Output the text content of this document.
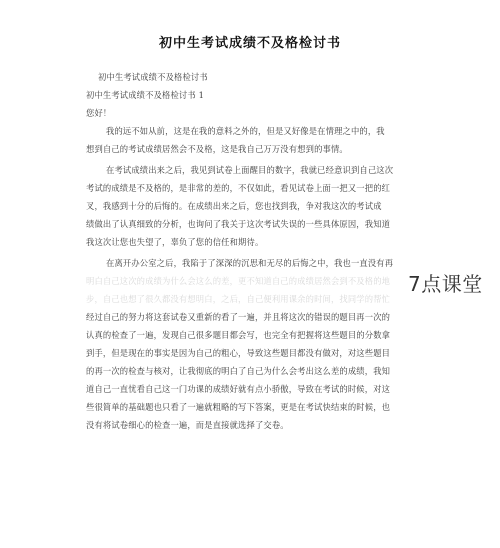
初中生考试成绩不及格检讨书
初中生考试成绩不及格检讨书
初中生考试成绩不及格检讨书 1
您好！
我的远不如从前，这是在我的意料之外的，但是又好像是在情理之中的，我
想到自己的考试成绩居然会不及格，这是我自己万万没有想到的事情。
在考试成绩出来之后，我见到试卷上面醒目的数字，我就已经意识到自己这次
考试的成绩是不及格的，是非常的差的，不仅如此，看见试卷上面一把又一把的红
叉，我感到十分的后悔的。在成绩出来之后，您也找到我，争对我这次的考试成
绩做出了认真细致的分析，也询问了我关于这次考试失误的一些具体原因，我知道
我这次让您也失望了，辜负了您的信任和期待。
在离开办公室之后，我陷于了深深的沉思和无尽的后悔之中，我也一直没有再
明白自己这次的成绩为什么会这么的差，更不知道自己的成绩居然会到不及格的地
步，自己也想了很久都没有想明白，之后，自己便利用课余的时间，找同学的帮忙
经过自己的努力将这套试卷又重新的看了一遍，并且将这次的错误的题目再一次的
认真的检查了一遍，发现自己很多题目都会写，也完全有把握将这些题目的分数拿
到手，但是现在的事实是因为自己的粗心，导致这些题目都没有做对，对这些题目
的再一次的检查与核对，让我彻底的明白了自己为什么会考出这么差的成绩，我知
道自己一直忧看自己这一门功课的成绩好就有点小骄傲，导致在考试的时候，对这
些很简单的基础题也只看了一遍就粗略的写下答案，更是在考试快结束的时候，也
没有将试卷细心的检查一遍，而是直接就选择了交卷。
7点课堂
